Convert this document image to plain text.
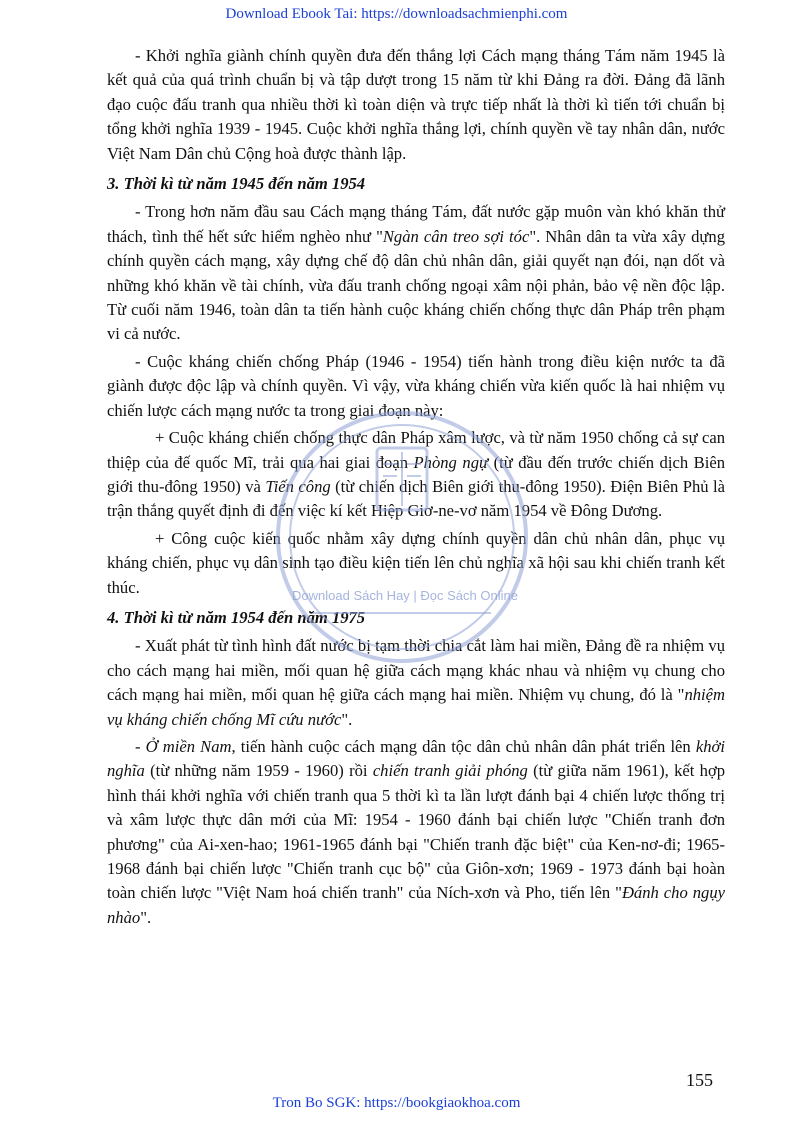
Download Ebook Tai: https://downloadsachmienphi.com

- Khởi nghĩa giành chính quyền đưa đến thắng lợi Cách mạng tháng Tám năm 1945 là kết quả của quá trình chuẩn bị và tập dượt trong 15 năm từ khi Đảng ra đời. Đảng đã lãnh đạo cuộc đấu tranh qua nhiều thời kì toàn diện và trực tiếp nhất là thời kì tiến tới chuẩn bị tổng khởi nghĩa 1939 - 1945. Cuộc khởi nghĩa thắng lợi, chính quyền về tay nhân dân, nước Việt Nam Dân chủ Cộng hoà được thành lập.

3. Thời kì từ năm 1945 đến năm 1954

- Trong hơn năm đầu sau Cách mạng tháng Tám, đất nước gặp muôn vàn khó khăn thử thách, tình thế hết sức hiểm nghèo như "Ngàn cân treo sợi tóc". Nhân dân ta vừa xây dựng chính quyền cách mạng, xây dựng chế độ dân chủ nhân dân, giải quyết nạn đói, nạn dốt và những khó khăn về tài chính, vừa đấu tranh chống ngoại xâm nội phản, bảo vệ nền độc lập. Từ cuối năm 1946, toàn dân ta tiến hành cuộc kháng chiến chống thực dân Pháp trên phạm vi cả nước.

- Cuộc kháng chiến chống Pháp (1946 - 1954) tiến hành trong điều kiện nước ta đã giành được độc lập và chính quyền. Vì vậy, vừa kháng chiến vừa kiến quốc là hai nhiệm vụ chiến lược cách mạng nước ta trong giai đoạn này:

+ Cuộc kháng chiến chống thực dân Pháp xâm lược, và từ năm 1950 chống cả sự can thiệp của đế quốc Mĩ, trải qua hai giai đoạn Phòng ngự (từ đầu đến trước chiến dịch Biên giới thu-đông 1950) và Tiến công (từ chiến dịch Biên giới thu-đông 1950). Điện Biên Phủ là trận thắng quyết định đi đến việc kí kết Hiệp Giơ-ne-vơ năm 1954 về Đông Dương.

+ Công cuộc kiến quốc nhằm xây dựng chính quyền dân chủ nhân dân, phục vụ kháng chiến, phục vụ dân sinh tạo điều kiện tiến lên chủ nghĩa xã hội sau khi chiến tranh kết thúc.

4. Thời kì từ năm 1954 đến năm 1975

- Xuất phát từ tình hình đất nước bị tạm thời chia cắt làm hai miền, Đảng đề ra nhiệm vụ cho cách mạng hai miền, mối quan hệ giữa cách mạng khác nhau và nhiệm vụ chung cho cách mạng hai miền, mối quan hệ giữa cách mạng hai miền. Nhiệm vụ chung, đó là "nhiệm vụ kháng chiến chống Mĩ cứu nước".

- Ở miền Nam, tiến hành cuộc cách mạng dân tộc dân chủ nhân dân phát triển lên khởi nghĩa (từ những năm 1959 - 1960) rồi chiến tranh giải phóng (từ giữa năm 1961), kết hợp hình thái khởi nghĩa với chiến tranh qua 5 thời kì ta lần lượt đánh bại 4 chiến lược thống trị và xâm lược thực dân mới của Mĩ: 1954 - 1960 đánh bại chiến lược "Chiến tranh đơn phương" của Ai-xen-hao; 1961-1965 đánh bại "Chiến tranh đặc biệt" của Ken-nơ-đi; 1965-1968 đánh bại chiến lược "Chiến tranh cục bộ" của Giôn-xơn; 1969 - 1973 đánh bại hoàn toàn chiến lược "Việt Nam hoá chiến tranh" của Ních-xơn và Pho, tiến lên "Đánh cho ngụy nhào".

Download Sách Hay | Đọc Sách Online
155
Tron Bo SGK: https://bookgiaokhoa.com
